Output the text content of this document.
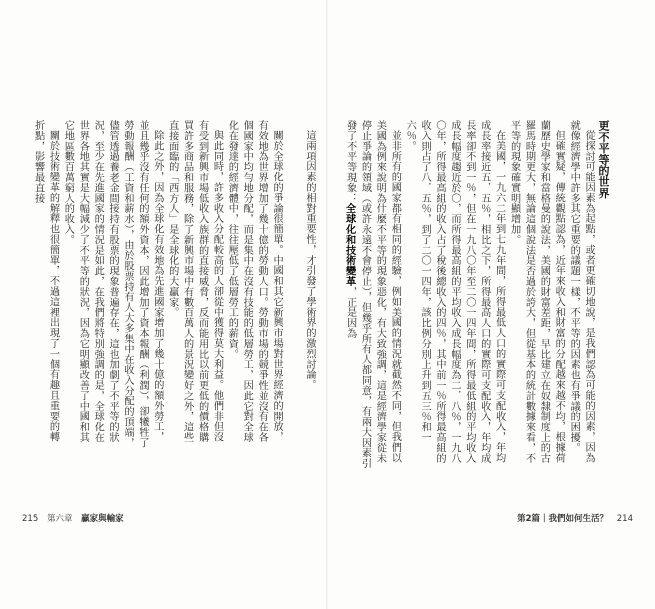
這兩項因素的相對重要性，才引發了學術界的激烈討論。
關於全球化的爭論很簡單。中國和其它新興市場對世界經濟的開放，有效地為世界增加了幾十億的勞動人口。勞動市場的競爭性並沒有在各個國家中均勻地分配，而是集中在沒有技能的低層勞工，因此它對全球化在發達的經濟體中，往往壓低了低層勞工的薪資。
與此同時，許多收入分配較高的人卻從中獲得莫大利益。他們非但沒有受到新興市場低收入族群的直接威脅，反而能用比以前更低的價格購買許多商品和服務，除了新興市場中有數百萬人的景況變好之外，這些直接面臨的「西方人」是全球化的大贏家。
除此之外，因為全球化有效地為先進國家增加了幾十億的額外勞工，並且幾乎沒有任何的額外資本，因此增加了資本報酬（利潤），卻犧牲了勞動報酬（工資和薪水），由於股票持有人大多集中在收入分配的頂端，儘管透過養老金間接持有股票的現象普遍存在，這也加劇了不平等的狀況，至少在先進國家的情況是如此，在我們將特別強調的是，全球化在世界各地其實是大幅減少了不平等的狀況，因為它明顯改善了中國和其它地區數百萬窮人的收入。
關於技術變革的解釋也很簡單，不過這裡出現了一個有趣且重要的轉折點，影響最直接	更不平等的世界
從探討可能因素為起點，或者更確切地說，是我們認為可能的因素，因為就像經濟學中許多其它重要的議題一樣，不平等的因素也有爭議的困擾。
但確實疑，傳統觀點認為，近年來收入和財富的分配越來越不均，根據荷蘭歷史學家和當格曼的說法，美國的財富差距，早比建立在奴隸制度上的古羅馬時期更大，無論這個說法是否過於誇大，但從基本的統計數據來看，不平等的現象確實明顯增加。
在美國，一九六二年到七九年間，所得最低人口的實際可支配收入，年均成長率接近五．五％，相比之下，所得最高人口的實際可支配收入，年均成長率卻不到一％，但在一九八〇年至二〇一四年間，所得最低組的平均收入成長幅度趨近於〇，而所得最高組的平均收入成長幅度為二．八％，一九八〇年，所得最高組的收入占了稅後總收入的四％，其中前一％所得最高組的收入則占了八．五％，到了二〇一四年，該比例分別上升到五三％和一六％。
並非所有的國家都有相同的經驗，例如美國的情況就截然不同，但我們以美國為例來說明為什麼不平等的現象惡化，有大致強調，這是經濟學家從未停止爭論的領域（或許永遠不會停止），但幾乎所有人都同意，有兩大因素引發了不平等現象：全球化和技術變革，正是因為
215 第六章 贏家與輸家	第2篇｜我們如何生活？ 214
